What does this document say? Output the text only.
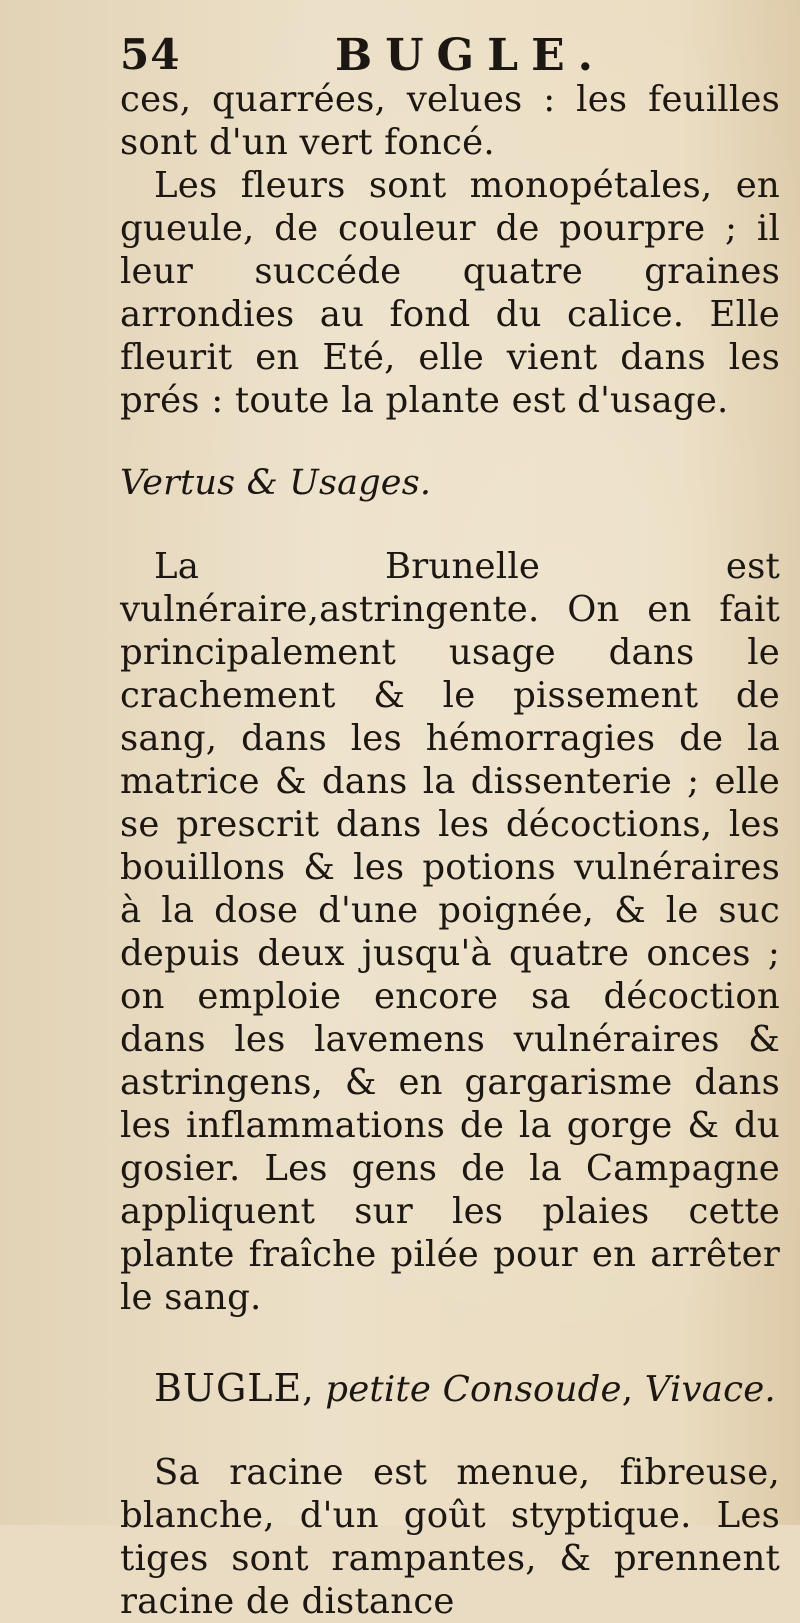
54	BUGLE.

ces, quarrées, velues : les feuilles sont d'un vert foncé.

Les fleurs sont monopétales, en gueule, de couleur de pourpre ; il leur succéde quatre graines arrondies au fond du calice. Elle fleurit en Eté, elle vient dans les prés : toute la plante est d'usage.

Vertus & Usages.

La Brunelle est vulnéraire,astringente. On en fait principalement usage dans le crachement & le pissement de sang, dans les hémorragies de la matrice & dans la dissenterie ; elle se prescrit dans les décoctions, les bouillons & les potions vulnéraires à la dose d'une poignée, & le suc depuis deux jusqu'à quatre onces ; on emploie encore sa décoction dans les lavemens vulnéraires & astringens, & en gargarisme dans les inflammations de la gorge & du gosier. Les gens de la Campagne appliquent sur les plaies cette plante fraîche pilée pour en arrêter le sang.

BUGLE, petite Consoude, Vivace.

Sa racine est menue, fibreuse, blanche, d'un goût styptique. Les tiges sont rampantes, & prennent racine de distance
